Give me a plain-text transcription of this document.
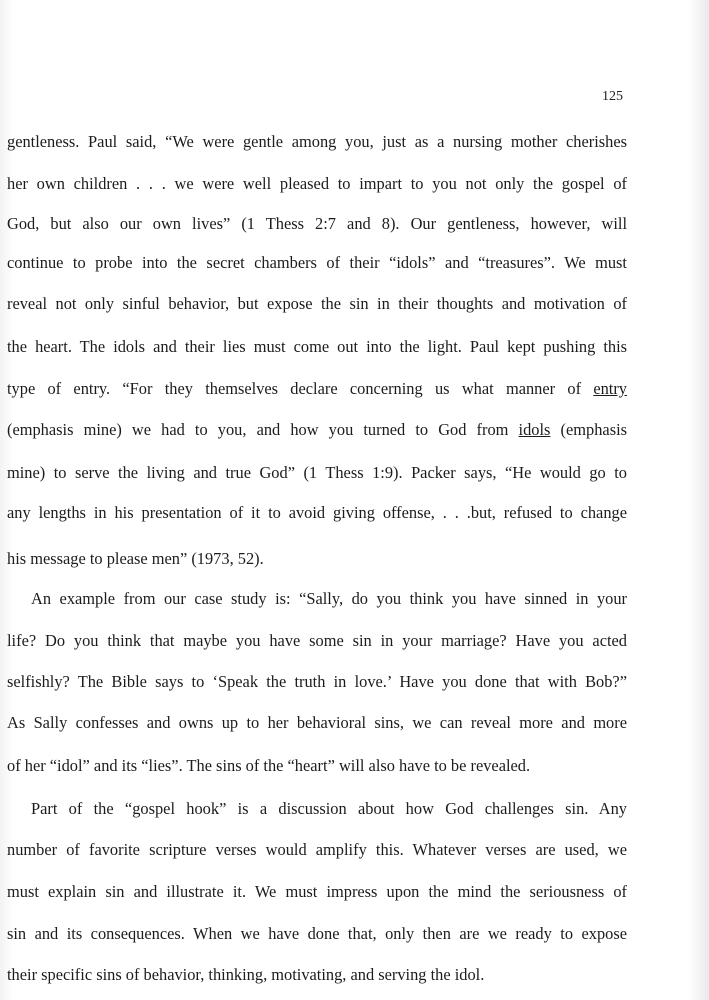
125
gentleness. Paul said, “We were gentle among you, just as a nursing mother cherishes
her own children . . . we were well pleased to impart to you not only the gospel of
God, but also our own lives” (1 Thess 2:7 and 8). Our gentleness, however, will
continue to probe into the secret chambers of their “idols” and “treasures”. We must
reveal not only sinful behavior, but expose the sin in their thoughts and motivation of
the heart. The idols and their lies must come out into the light. Paul kept pushing this
type of entry. “For they themselves declare concerning us what manner of entry
(emphasis mine) we had to you, and how you turned to God from idols (emphasis
mine) to serve the living and true God” (1 Thess 1:9). Packer says, “He would go to
any lengths in his presentation of it to avoid giving offense, . . .but, refused to change
his message to please men” (1973, 52).
An example from our case study is: “Sally, do you think you have sinned in your
life? Do you think that maybe you have some sin in your marriage? Have you acted
selfishly? The Bible says to ‘Speak the truth in love.’ Have you done that with Bob?”
As Sally confesses and owns up to her behavioral sins, we can reveal more and more
of her “idol” and its “lies”. The sins of the “heart” will also have to be revealed.
Part of the “gospel hook” is a discussion about how God challenges sin. Any
number of favorite scripture verses would amplify this. Whatever verses are used, we
must explain sin and illustrate it. We must impress upon the mind the seriousness of
sin and its consequences. When we have done that, only then are we ready to expose
their specific sins of behavior, thinking, motivating, and serving the idol.
